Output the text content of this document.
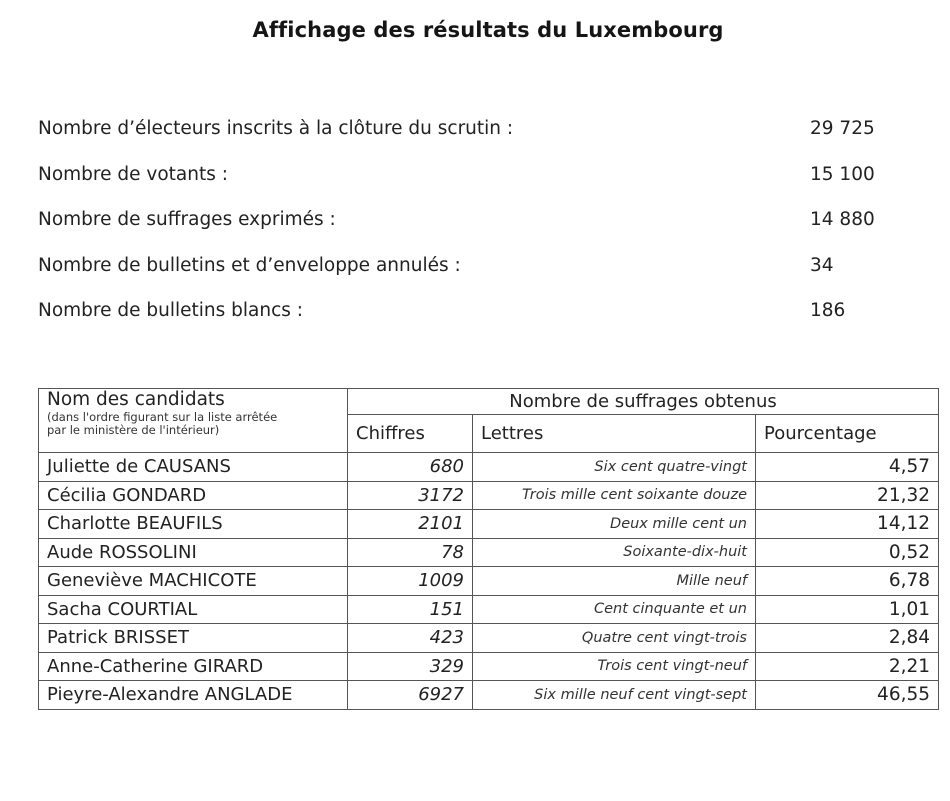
Affichage des résultats du Luxembourg
Nombre d’électeurs inscrits à la clôture du scrutin :	29 725
Nombre de votants :	15 100
Nombre de suffrages exprimés :	14 880
Nombre de bulletins et d’enveloppe annulés :	34
Nombre de bulletins blancs :	186
Nom des candidats
(dans l'ordre figurant sur la liste arrêtée
par le ministère de l'intérieur)	Nombre de suffrages obtenus		
	Chiffres	Lettres	Pourcentage
Juliette de CAUSANS	680	Six cent quatre-vingt	4,57
Cécilia GONDARD	3172	Trois mille cent soixante douze	21,32
Charlotte BEAUFILS	2101	Deux mille cent un	14,12
Aude ROSSOLINI	78	Soixante-dix-huit	0,52
Geneviève MACHICOTE	1009	Mille neuf	6,78
Sacha COURTIAL	151	Cent cinquante et un	1,01
Patrick BRISSET	423	Quatre cent vingt-trois	2,84
Anne-Catherine GIRARD	329	Trois cent vingt-neuf	2,21
Pieyre-Alexandre ANGLADE	6927	Six mille neuf cent vingt-sept	46,55
